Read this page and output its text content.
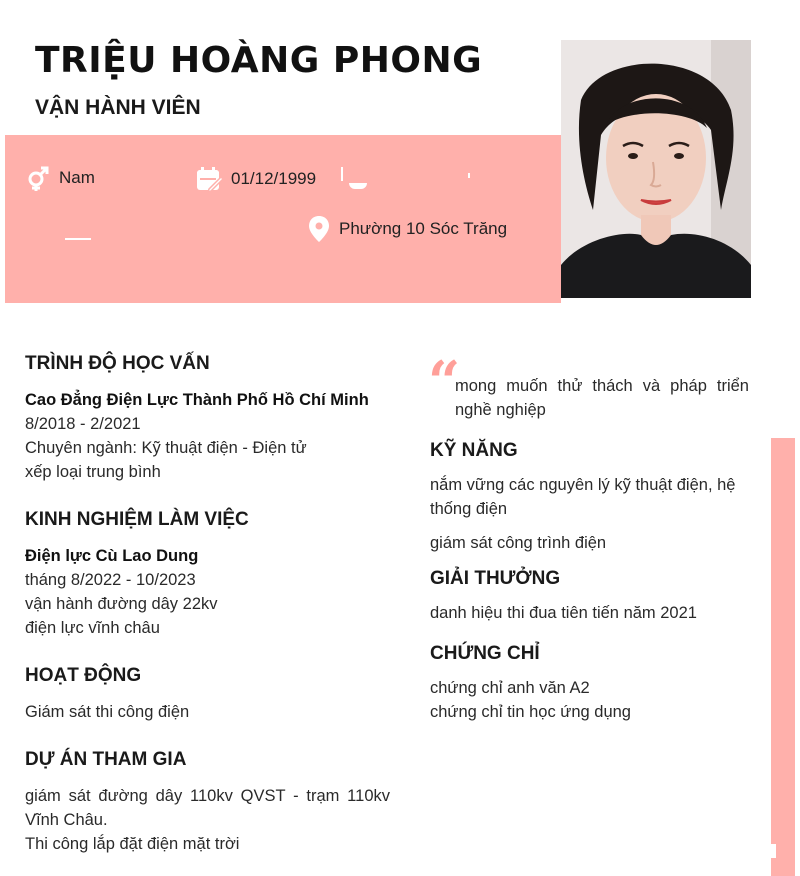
TRIỆU HOÀNG PHONG
VẬN HÀNH VIÊN
Nam	01/12/1999
Phường 10 Sóc Trăng
TRÌNH ĐỘ HỌC VẤN

Cao Đẳng Điện Lực Thành Phố Hồ Chí Minh

8/2018 - 2/2021

Chuyên ngành: Kỹ thuật điện - Điện tử

xếp loại trung bình

KINH NGHIỆM LÀM VIỆC

Điện lực Cù Lao Dung

tháng 8/2022 - 10/2023

vận hành đường dây 22kv

điện lực vĩnh châu

HOẠT ĐỘNG

Giám sát thi công điện

DỰ ÁN THAM GIA

giám sát đường dây 110kv QVST - trạm 110kv Vĩnh Châu.

Thi công lắp đặt điện mặt trời

“

mong muốn thử thách và pháp triển nghề nghiệp

KỸ NĂNG

nắm vững các nguyên lý kỹ thuật điện, hệ thống điện

giám sát công trình điện

GIẢI THƯỞNG

danh hiệu thi đua tiên tiến năm 2021

CHỨNG CHỈ

chứng chỉ anh văn A2

chứng chỉ tin học ứng dụng
